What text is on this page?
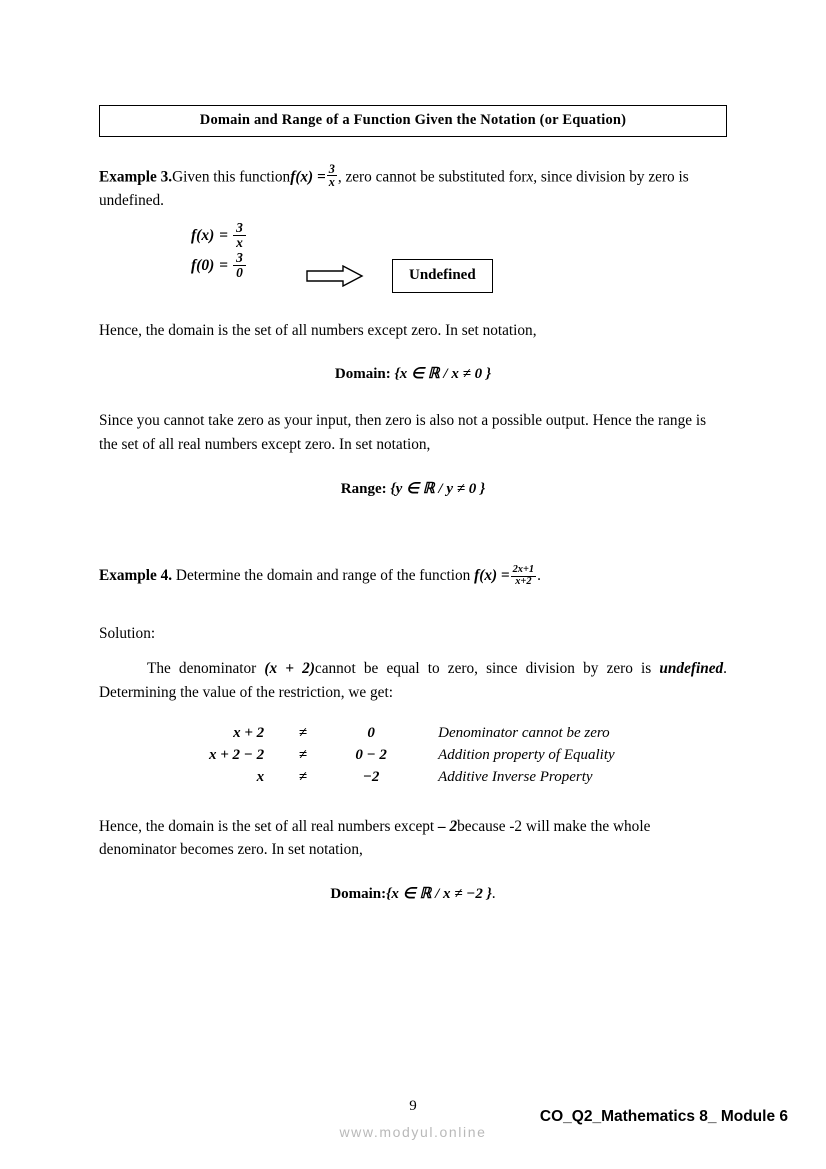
Domain and Range of a Function Given the Notation (or Equation)

Example 3.Given this functionf(x) = $\frac{3}{x}$ , zero cannot be substituted forx, since division by zero is undefined.

$f(x) = \frac{3}{x}$
$f(0) = \frac{3}{0}$	Undefined

Hence, the domain is the set of all numbers except zero. In set notation,

Domain: {x ∈ ℝ / x ≠ 0 }

Since you cannot take zero as your input, then zero is also not a possible output. Hence the range is the set of all real numbers except zero. In set notation,

Range: {y ∈ ℝ / y ≠ 0 }

Example 4. Determine the domain and range of the function $f(x) = \frac{2x+1}{x+2}$ .

Solution:

The denominator (x + 2)cannot be equal to zero, since division by zero is undefined. Determining the value of the restriction, we get:

x + 2	≠	0	Denominator cannot be zero
x + 2 − 2	≠	0 − 2	Addition property of Equality
x	≠	−2	Additive Inverse Property

Hence, the domain is the set of all real numbers except – 2because -2 will make the whole denominator becomes zero. In set notation,

Domain:{x ∈ ℝ / x ≠ −2 }.
9
CO_Q2_Mathematics 8_ Module 6
www.modyul.online
